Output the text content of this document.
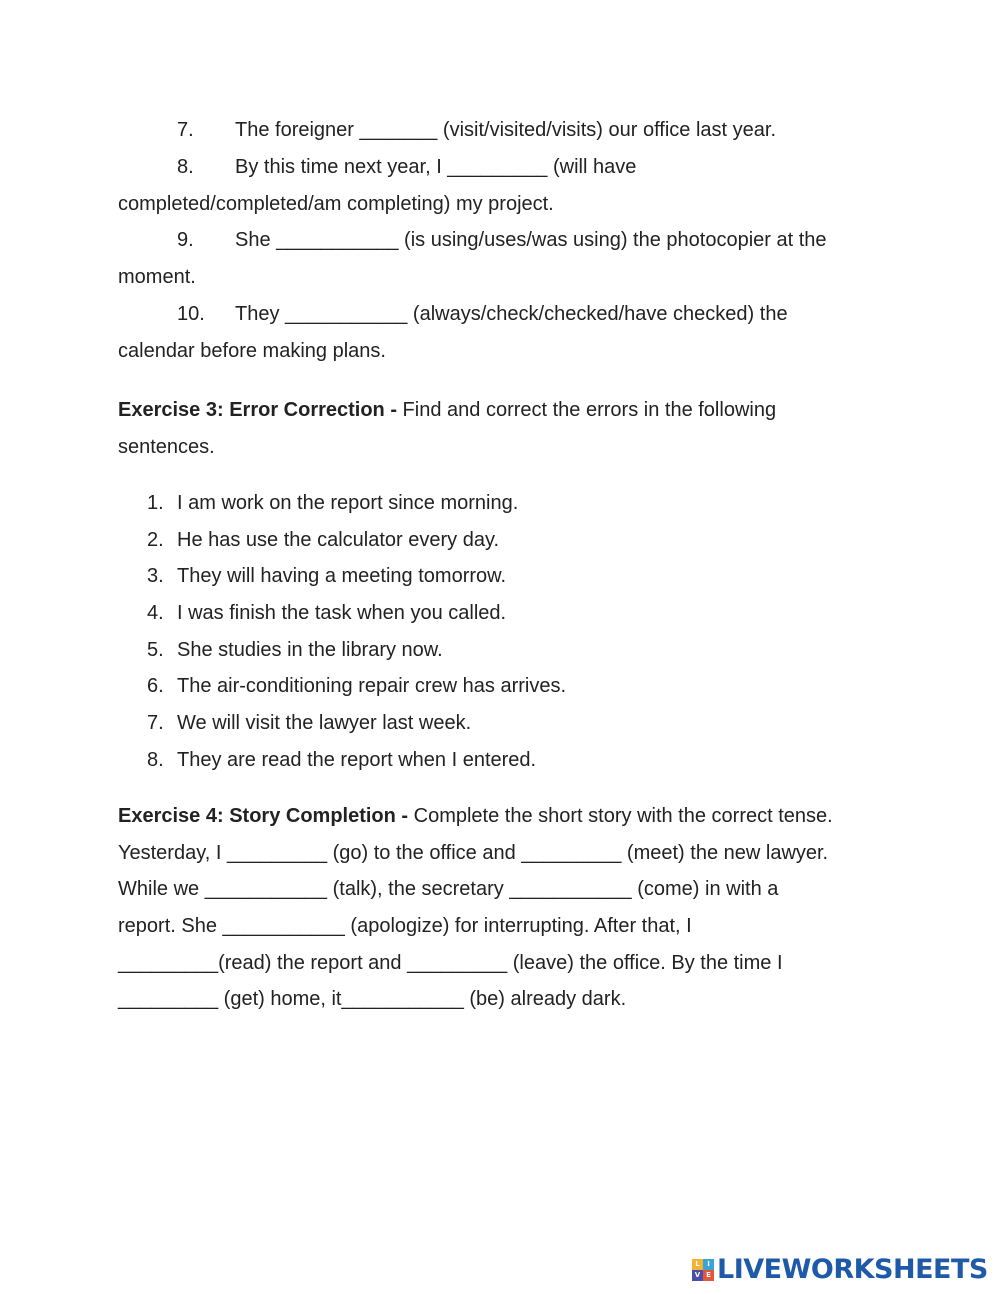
7. The foreigner _______ (visit/visited/visits) our office last year.
8. By this time next year, I _________ (will have
completed/completed/am completing) my project.
9. She ___________ (is using/uses/was using) the photocopier at the
moment.
10. They ___________ (always/check/checked/have checked) the
calendar before making plans.
Exercise 3: Error Correction - Find and correct the errors in the following
sentences.
1. I am work on the report since morning.
2. He has use the calculator every day.
3. They will having a meeting tomorrow.
4. I was finish the task when you called.
5. She studies in the library now.
6. The air-conditioning repair crew has arrives.
7. We will visit the lawyer last week.
8. They are read the report when I entered.
Exercise 4: Story Completion - Complete the short story with the correct tense.
Yesterday, I _________ (go) to the office and _________ (meet) the new lawyer.
While we ___________ (talk), the secretary ___________ (come) in with a
report. She ___________ (apologize) for interrupting. After that, I
_________(read) the report and _________ (leave) the office. By the time I
_________ (get) home, it___________ (be) already dark.
L	I
V E LIVEWORKSHEETS
